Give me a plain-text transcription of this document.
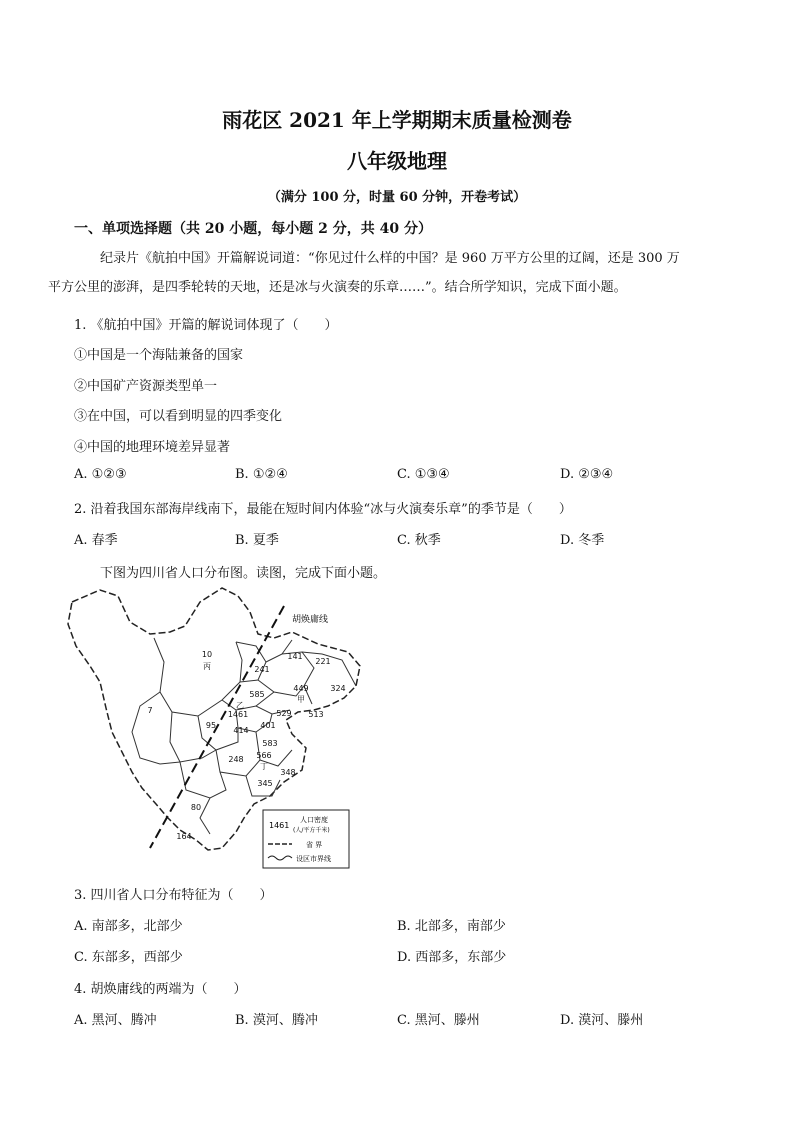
雨花区 2021 年上学期期末质量检测卷
八年级地理
（满分 100 分，时量 60 分钟，开卷考试）
一、单项选择题（共 20 小题，每小题 2 分，共 40 分）
纪录片《航拍中国》开篇解说词道：“你见过什么样的中国？是 960 万平方公里的辽阔，还是 300 万
平方公里的澎湃，是四季轮转的天地，还是冰与火演奏的乐章……”。结合所学知识，完成下面小题。
1. 《航拍中国》开篇的解说词体现了（　　）
①中国是一个海陆兼备的国家
②中国矿产资源类型单一
③在中国，可以看到明显的四季变化
④中国的地理环境差异显著
A. ①②③	B. ①②④	C. ①③④	D. ②③④
2. 沿着我国东部海岸线南下，最能在短时间内体验“冰与火演奏乐章”的季节是（　　）
A. 春季	B. 夏季	C. 秋季	D. 冬季
下图为四川省人口分布图。读图，完成下面小题。
胡焕庸线
10
丙	241
141
221
449
甲
324
585
乙
1461	529 513
95	401
414
583
566
248
丁
348
345
7
80
164
1461
人口密度
(人/平方千米)
省 界
设区市界线
3. 四川省人口分布特征为（　　）
A. 南部多，北部少	B. 北部多，南部少
C. 东部多，西部少	D. 西部多，东部少
4. 胡焕庸线的两端为（　　）
A. 黑河、腾冲	B. 漠河、腾冲	C. 黑河、滕州	D. 漠河、滕州
